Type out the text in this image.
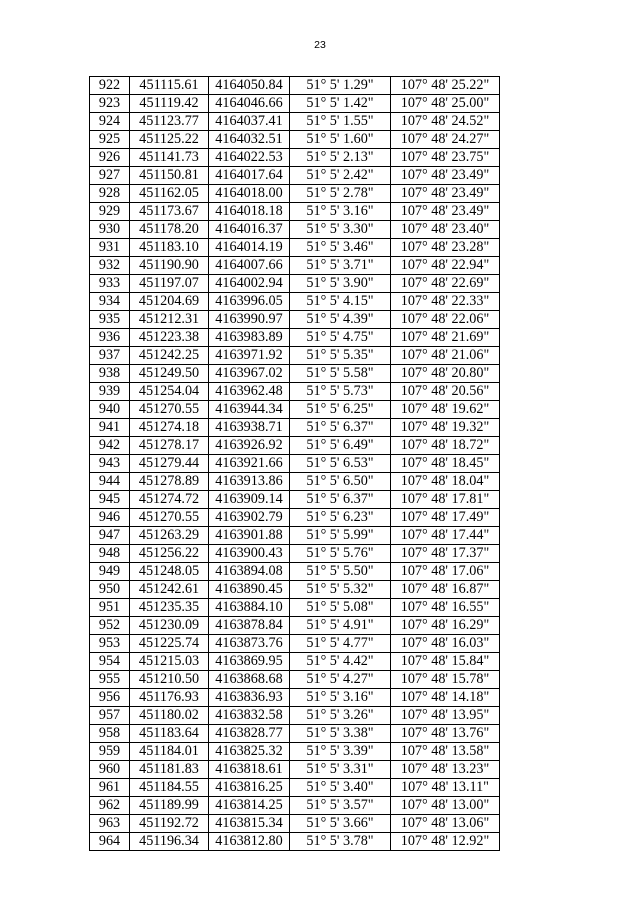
23
922	451115.61	4164050.84	51° 5' 1.29"	107° 48' 25.22"
923	451119.42	4164046.66	51° 5' 1.42"	107° 48' 25.00"
924	451123.77	4164037.41	51° 5' 1.55"	107° 48' 24.52"
925	451125.22	4164032.51	51° 5' 1.60"	107° 48' 24.27"
926	451141.73	4164022.53	51° 5' 2.13"	107° 48' 23.75"
927	451150.81	4164017.64	51° 5' 2.42"	107° 48' 23.49"
928	451162.05	4164018.00	51° 5' 2.78"	107° 48' 23.49"
929	451173.67	4164018.18	51° 5' 3.16"	107° 48' 23.49"
930	451178.20	4164016.37	51° 5' 3.30"	107° 48' 23.40"
931	451183.10	4164014.19	51° 5' 3.46"	107° 48' 23.28"
932	451190.90	4164007.66	51° 5' 3.71"	107° 48' 22.94"
933	451197.07	4164002.94	51° 5' 3.90"	107° 48' 22.69"
934	451204.69	4163996.05	51° 5' 4.15"	107° 48' 22.33"
935	451212.31	4163990.97	51° 5' 4.39"	107° 48' 22.06"
936	451223.38	4163983.89	51° 5' 4.75"	107° 48' 21.69"
937	451242.25	4163971.92	51° 5' 5.35"	107° 48' 21.06"
938	451249.50	4163967.02	51° 5' 5.58"	107° 48' 20.80"
939	451254.04	4163962.48	51° 5' 5.73"	107° 48' 20.56"
940	451270.55	4163944.34	51° 5' 6.25"	107° 48' 19.62"
941	451274.18	4163938.71	51° 5' 6.37"	107° 48' 19.32"
942	451278.17	4163926.92	51° 5' 6.49"	107° 48' 18.72"
943	451279.44	4163921.66	51° 5' 6.53"	107° 48' 18.45"
944	451278.89	4163913.86	51° 5' 6.50"	107° 48' 18.04"
945	451274.72	4163909.14	51° 5' 6.37"	107° 48' 17.81"
946	451270.55	4163902.79	51° 5' 6.23"	107° 48' 17.49"
947	451263.29	4163901.88	51° 5' 5.99"	107° 48' 17.44"
948	451256.22	4163900.43	51° 5' 5.76"	107° 48' 17.37"
949	451248.05	4163894.08	51° 5' 5.50"	107° 48' 17.06"
950	451242.61	4163890.45	51° 5' 5.32"	107° 48' 16.87"
951	451235.35	4163884.10	51° 5' 5.08"	107° 48' 16.55"
952	451230.09	4163878.84	51° 5' 4.91"	107° 48' 16.29"
953	451225.74	4163873.76	51° 5' 4.77"	107° 48' 16.03"
954	451215.03	4163869.95	51° 5' 4.42"	107° 48' 15.84"
955	451210.50	4163868.68	51° 5' 4.27"	107° 48' 15.78"
956	451176.93	4163836.93	51° 5' 3.16"	107° 48' 14.18"
957	451180.02	4163832.58	51° 5' 3.26"	107° 48' 13.95"
958	451183.64	4163828.77	51° 5' 3.38"	107° 48' 13.76"
959	451184.01	4163825.32	51° 5' 3.39"	107° 48' 13.58"
960	451181.83	4163818.61	51° 5' 3.31"	107° 48' 13.23"
961	451184.55	4163816.25	51° 5' 3.40"	107° 48' 13.11"
962	451189.99	4163814.25	51° 5' 3.57"	107° 48' 13.00"
963	451192.72	4163815.34	51° 5' 3.66"	107° 48' 13.06"
964	451196.34	4163812.80	51° 5' 3.78"	107° 48' 12.92"
